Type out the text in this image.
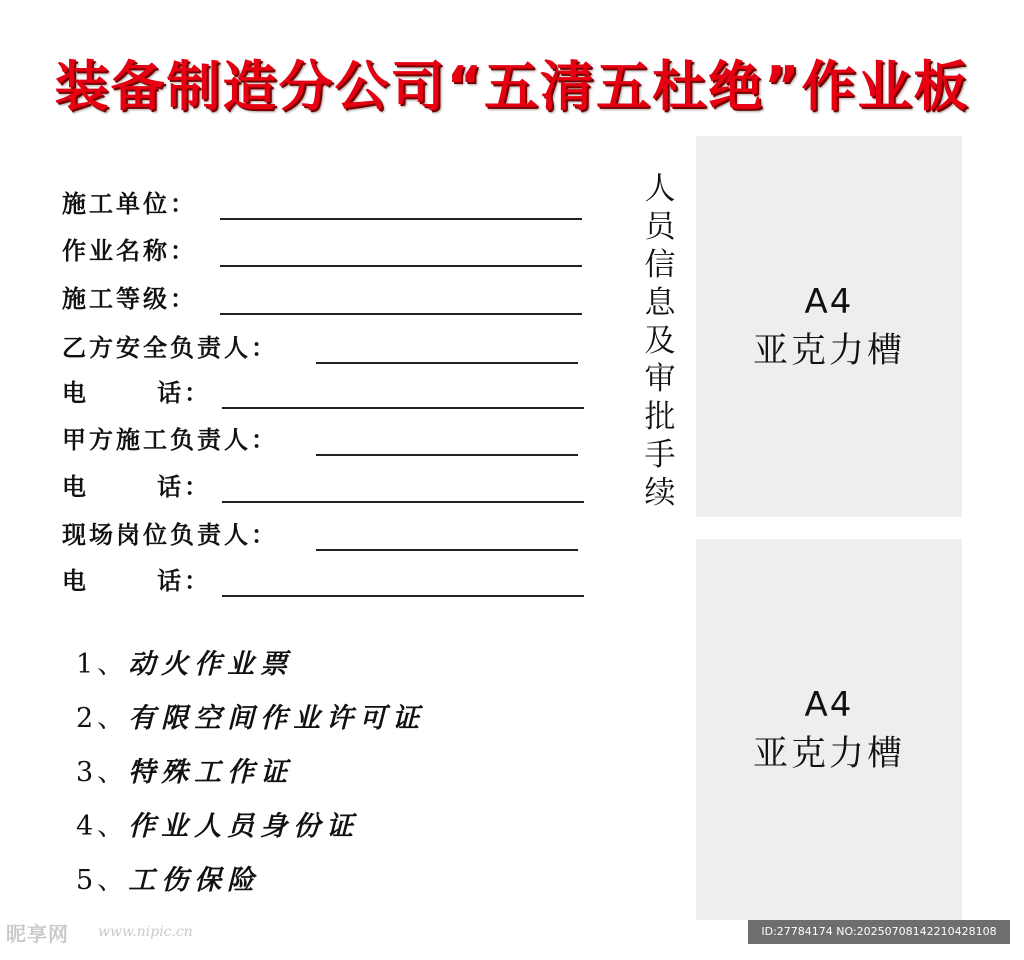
装备制造分公司“五清五杜绝”作业板
施工单位：
作业名称：
施工等级：
乙方安全负责人：
电      话：
甲方施工负责人：
电      话：
现场岗位负责人：
电      话：
1、动火作业票
2、有限空间作业许可证
3、特殊工作证
4、作业人员身份证
5、工伤保险
人
员
信
息
及
审
批
手
续
A4
亚克力槽
A4
亚克力槽
昵享网 www.nipic.cn	ID:27784174 NO:20250708142210428108
